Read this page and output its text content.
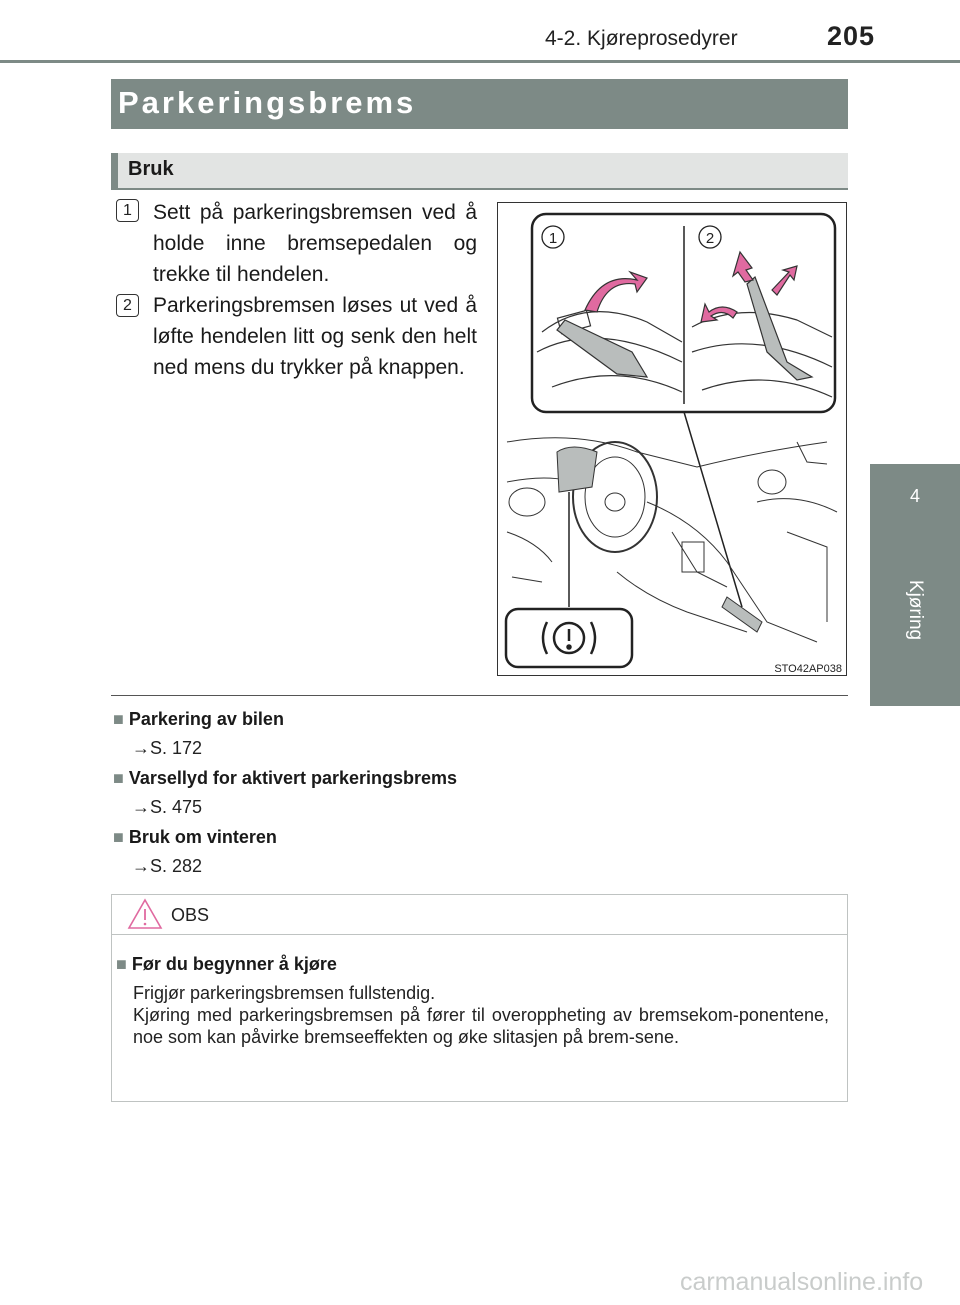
4-2. Kjøreprosedyrer	205
4
Kjøring
Parkeringsbrems
Bruk
1	Sett på parkeringsbremsen ved å holde inne bremsepedalen og trekke til hendelen.
2	Parkeringsbremsen løses ut ved å løfte hendelen litt og senk den helt ned mens du trykker på knappen.
1	2
STO42AP038
■ Parkering av bilen
→S. 172
■ Varsellyd for aktivert parkeringsbrems
→S. 475
■ Bruk om vinteren
→S. 282
OBS
■ Før du begynner å kjøre

Frigjør parkeringsbremsen fullstendig.

Kjøring med parkeringsbremsen på fører til overoppheting av bremsekom-ponentene, noe som kan påvirke bremseeffekten og øke slitasjen på brem-sene.

carmanualsonline.info
